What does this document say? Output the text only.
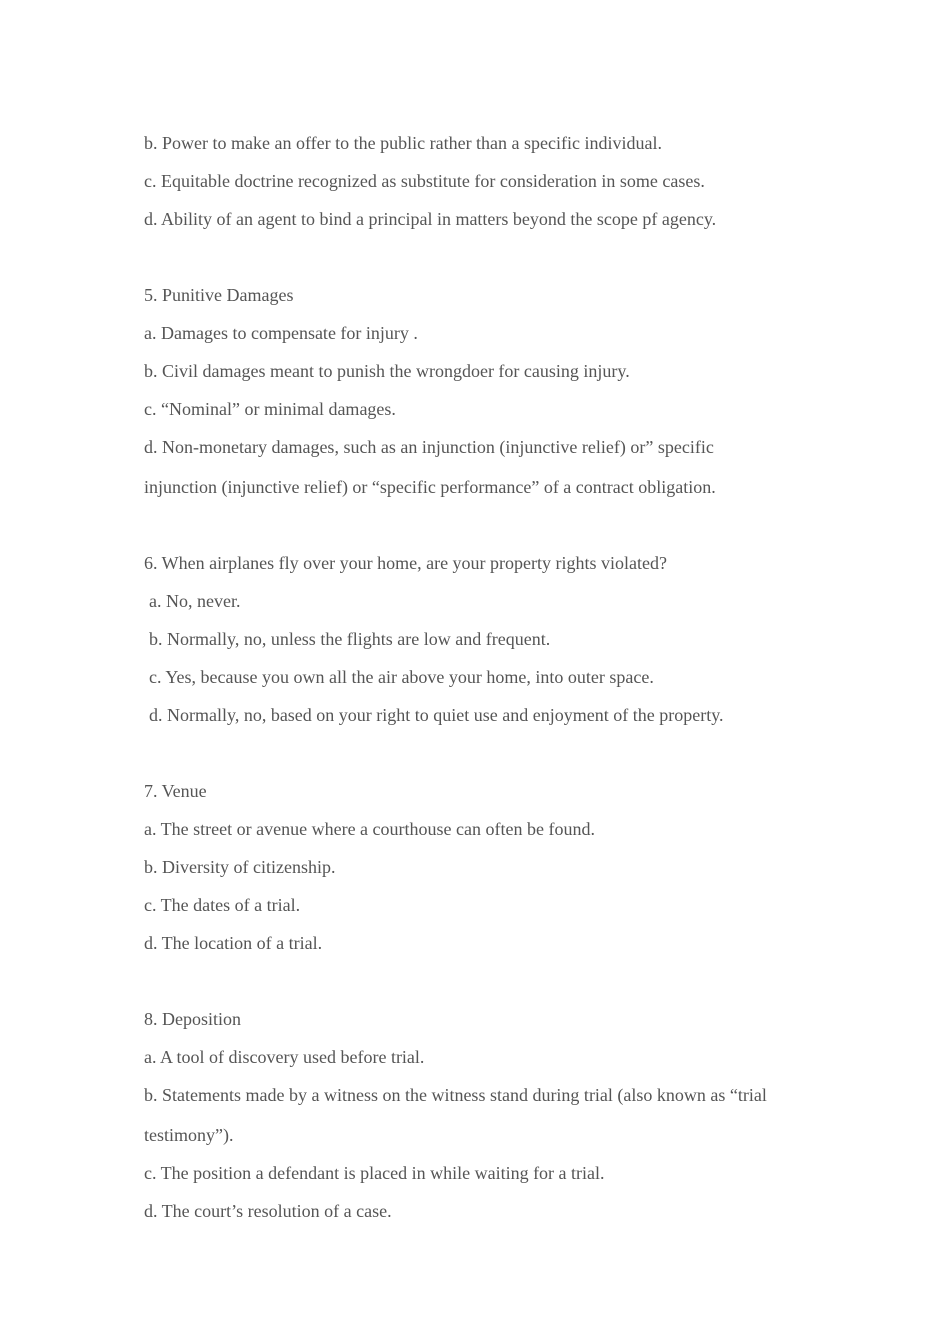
b. Power to make an offer to the public rather than a specific individual.
c. Equitable doctrine recognized as substitute for consideration in some cases.
d. Ability of an agent to bind a principal in matters beyond the scope pf agency.
5. Punitive Damages
a. Damages to compensate for injury .
b. Civil damages meant to punish the wrongdoer for causing injury.
c. “Nominal” or minimal damages.
d. Non-monetary damages, such as an injunction (injunctive relief) or” specific
injunction (injunctive relief) or “specific performance” of a contract obligation.
6. When airplanes fly over your home, are your property rights violated?
a. No, never.
b. Normally, no, unless the flights are low and frequent.
c. Yes, because you own all the air above your home, into outer space.
d. Normally, no, based on your right to quiet use and enjoyment of the property.
7. Venue
a. The street or avenue where a courthouse can often be found.
b. Diversity of citizenship.
c. The dates of a trial.
d. The location of a trial.
8. Deposition
a. A tool of discovery used before trial.
b. Statements made by a witness on the witness stand during trial (also known as “trial
testimony”).
c. The position a defendant is placed in while waiting for a trial.
d. The court’s resolution of a case.
